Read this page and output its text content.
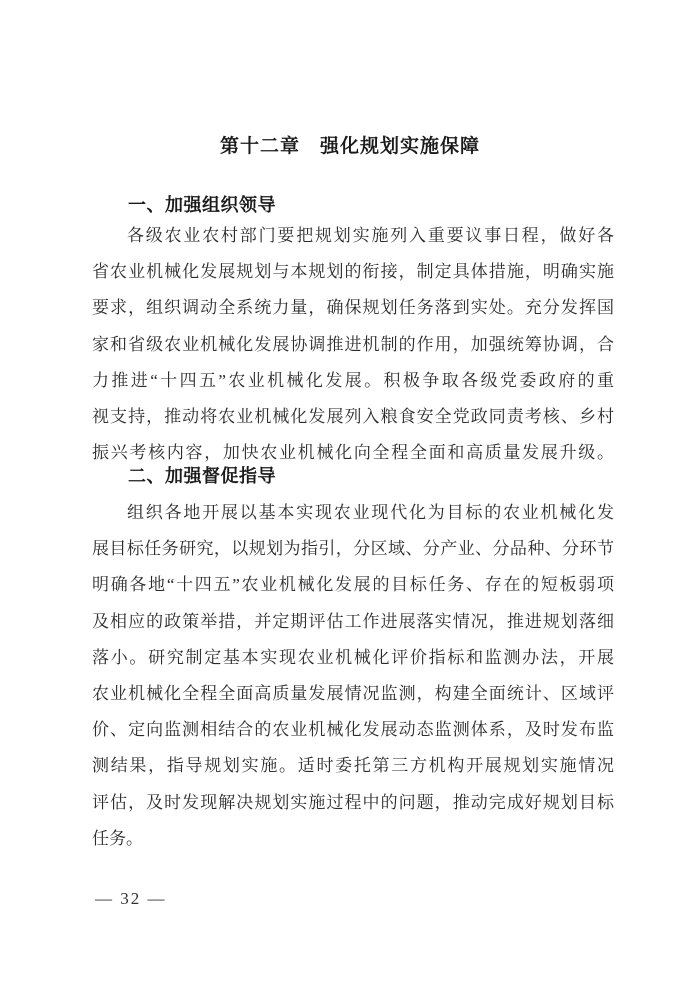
第十二章　强化规划实施保障
一、加强组织领导
各级农业农村部门要把规划实施列入重要议事日程，做好各
省农业机械化发展规划与本规划的衔接，制定具体措施，明确实施
要求，组织调动全系统力量，确保规划任务落到实处。充分发挥国
家和省级农业机械化发展协调推进机制的作用，加强统筹协调，合
力推进“十四五”农业机械化发展。积极争取各级党委政府的重
视支持，推动将农业机械化发展列入粮食安全党政同责考核、乡村
振兴考核内容，加快农业机械化向全程全面和高质量发展升级。
二、加强督促指导
组织各地开展以基本实现农业现代化为目标的农业机械化发
展目标任务研究，以规划为指引，分区域、分产业、分品种、分环节
明确各地“十四五”农业机械化发展的目标任务、存在的短板弱项
及相应的政策举措，并定期评估工作进展落实情况，推进规划落细
落小。研究制定基本实现农业机械化评价指标和监测办法，开展
农业机械化全程全面高质量发展情况监测，构建全面统计、区域评
价、定向监测相结合的农业机械化发展动态监测体系，及时发布监
测结果，指导规划实施。适时委托第三方机构开展规划实施情况
评估，及时发现解决规划实施过程中的问题，推动完成好规划目标
任务。
— 32 —
